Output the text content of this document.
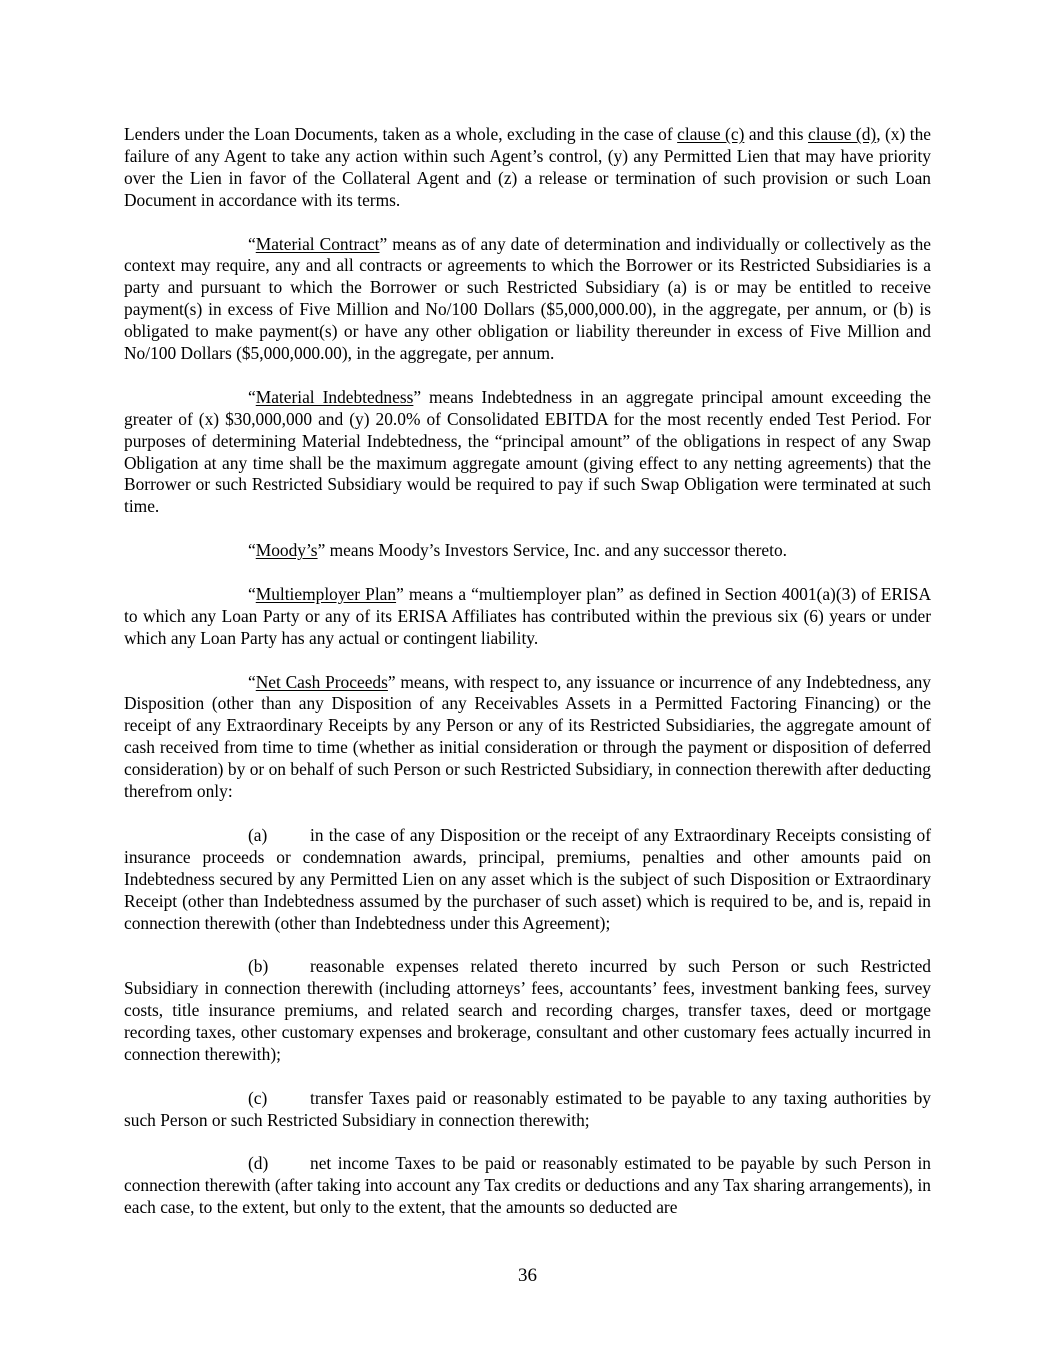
Lenders under the Loan Documents, taken as a whole, excluding in the case of clause (c) and this clause (d), (x) the failure of any Agent to take any action within such Agent’s control, (y) any Permitted Lien that may have priority over the Lien in favor of the Collateral Agent and (z) a release or termination of such provision or such Loan Document in accordance with its terms.

“Material Contract” means as of any date of determination and individually or collectively as the context may require, any and all contracts or agreements to which the Borrower or its Restricted Subsidiaries is a party and pursuant to which the Borrower or such Restricted Subsidiary (a) is or may be entitled to receive payment(s) in excess of Five Million and No/100 Dollars ($5,000,000.00), in the aggregate, per annum, or (b) is obligated to make payment(s) or have any other obligation or liability thereunder in excess of Five Million and No/100 Dollars ($5,000,000.00), in the aggregate, per annum.

“Material Indebtedness” means Indebtedness in an aggregate principal amount exceeding the greater of (x) $30,000,000 and (y) 20.0% of Consolidated EBITDA for the most recently ended Test Period. For purposes of determining Material Indebtedness, the “principal amount” of the obligations in respect of any Swap Obligation at any time shall be the maximum aggregate amount (giving effect to any netting agreements) that the Borrower or such Restricted Subsidiary would be required to pay if such Swap Obligation were terminated at such time.

“Moody’s” means Moody’s Investors Service, Inc. and any successor thereto.

“Multiemployer Plan” means a “multiemployer plan” as defined in Section 4001(a)(3) of ERISA to which any Loan Party or any of its ERISA Affiliates has contributed within the previous six (6) years or under which any Loan Party has any actual or contingent liability.

“Net Cash Proceeds” means, with respect to, any issuance or incurrence of any Indebtedness, any Disposition (other than any Disposition of any Receivables Assets in a Permitted Factoring Financing) or the receipt of any Extraordinary Receipts by any Person or any of its Restricted Subsidiaries, the aggregate amount of cash received from time to time (whether as initial consideration or through the payment or disposition of deferred consideration) by or on behalf of such Person or such Restricted Subsidiary, in connection therewith after deducting therefrom only:

(a) in the case of any Disposition or the receipt of any Extraordinary Receipts consisting of insurance proceeds or condemnation awards, principal, premiums, penalties and other amounts paid on Indebtedness secured by any Permitted Lien on any asset which is the subject of such Disposition or Extraordinary Receipt (other than Indebtedness assumed by the purchaser of such asset) which is required to be, and is, repaid in connection therewith (other than Indebtedness under this Agreement);

(b) reasonable expenses related thereto incurred by such Person or such Restricted Subsidiary in connection therewith (including attorneys’ fees, accountants’ fees, investment banking fees, survey costs, title insurance premiums, and related search and recording charges, transfer taxes, deed or mortgage recording taxes, other customary expenses and brokerage, consultant and other customary fees actually incurred in connection therewith);

(c) transfer Taxes paid or reasonably estimated to be payable to any taxing authorities by such Person or such Restricted Subsidiary in connection therewith;

(d) net income Taxes to be paid or reasonably estimated to be payable by such Person in connection therewith (after taking into account any Tax credits or deductions and any Tax sharing arrangements), in each case, to the extent, but only to the extent, that the amounts so deducted are

36
